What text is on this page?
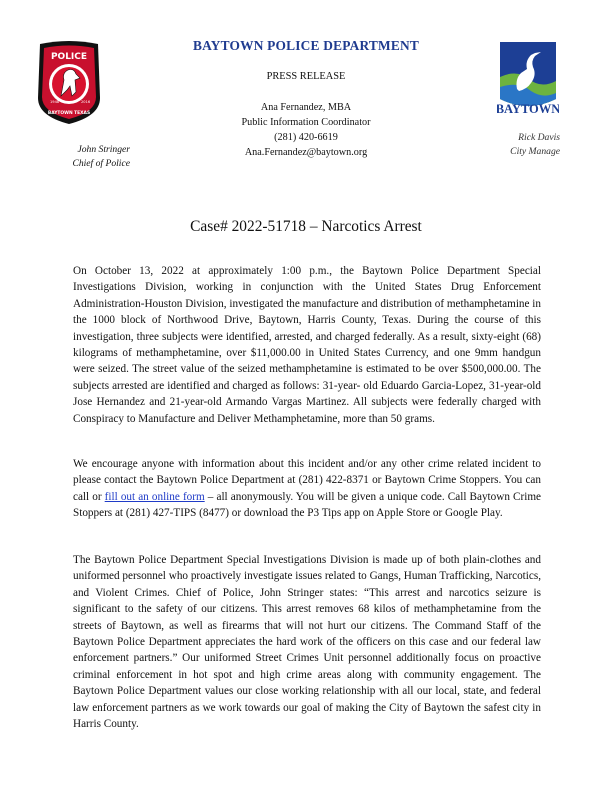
POLICE
1948	2016
BAYTOWN TEXAS	BAYTOWN
BAYTOWN POLICE DEPARTMENT
PRESS RELEASE
Ana Fernandez, MBA
Public Information Coordinator
(281) 420-6619
Ana.Fernandez@baytown.org
John Stringer
Chief of Police
Rick Davis
City Manage
Case# 2022-51718 – Narcotics Arrest
On October 13, 2022 at approximately 1:00 p.m., the Baytown Police Department Special Investigations Division, working in conjunction with the United States Drug Enforcement Administration-Houston Division, investigated the manufacture and distribution of methamphetamine in the 1000 block of Northwood Drive, Baytown, Harris County, Texas. During the course of this investigation, three subjects were identified, arrested, and charged federally. As a result, sixty-eight (68) kilograms of methamphetamine, over $11,000.00 in United States Currency, and one 9mm handgun were seized. The street value of the seized methamphetamine is estimated to be over $500,000.00. The subjects arrested are identified and charged as follows: 31-year- old Eduardo Garcia-Lopez, 31-year-old Jose Hernandez and 21-year-old Armando Vargas Martinez. All subjects were federally charged with Conspiracy to Manufacture and Deliver Methamphetamine, more than 50 grams.
We encourage anyone with information about this incident and/or any other crime related incident to please contact the Baytown Police Department at (281) 422-8371 or Baytown Crime Stoppers. You can call or fill out an online form – all anonymously. You will be given a unique code. Call Baytown Crime Stoppers at (281) 427-TIPS (8477) or download the P3 Tips app on Apple Store or Google Play.
The Baytown Police Department Special Investigations Division is made up of both plain-clothes and uniformed personnel who proactively investigate issues related to Gangs, Human Trafficking, Narcotics, and Violent Crimes. Chief of Police, John Stringer states: “This arrest and narcotics seizure is significant to the safety of our citizens. This arrest removes 68 kilos of methamphetamine from the streets of Baytown, as well as firearms that will not hurt our citizens. The Command Staff of the Baytown Police Department appreciates the hard work of the officers on this case and our federal law enforcement partners.” Our uniformed Street Crimes Unit personnel additionally focus on proactive criminal enforcement in hot spot and high crime areas along with community engagement. The Baytown Police Department values our close working relationship with all our local, state, and federal law enforcement partners as we work towards our goal of making the City of Baytown the safest city in Harris County.
